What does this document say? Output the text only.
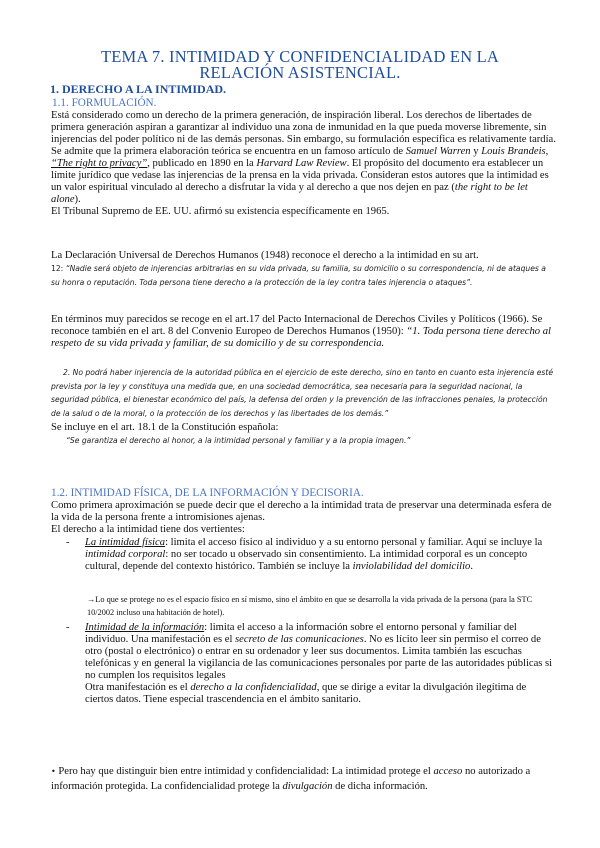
TEMA 7. INTIMIDAD Y CONFIDENCIALIDAD EN LA
RELACIÓN ASISTENCIAL.
1. DERECHO A LA INTIMIDAD.
1.1. FORMULACIÓN.

Está considerado como un derecho de la primera generación, de inspiración liberal. Los derechos de libertades de primera generación aspiran a garantizar al individuo una zona de inmunidad en la que pueda moverse libremente, sin injerencias del poder político ni de las demás personas. Sin embargo, su formulación específica es relativamente tardía.

Se admite que la primera elaboración teórica se encuentra en un famoso artículo de Samuel Warren y Louis Brandeis, “The right to privacy”, publicado en 1890 en la Harvard Law Review. El propósito del documento era establecer un límite jurídico que vedase las injerencias de la prensa en la vida privada. Consideran estos autores que la intimidad es un valor espiritual vinculado al derecho a disfrutar la vida y al derecho a que nos dejen en paz (the right to be let alone).

El Tribunal Supremo de EE. UU. afirmó su existencia específicamente en 1965.

La Declaración Universal de Derechos Humanos (1948) reconoce el derecho a la intimidad en su art.

12: “Nadie será objeto de injerencias arbitrarias en su vida privada, su familia, su domicilio o su correspondencia, ni de ataques a su honra o reputación. Toda persona tiene derecho a la protección de la ley contra tales injerencia o ataques”.

En términos muy parecidos se recoge en el art.17 del Pacto Internacional de Derechos Civiles y Políticos (1966). Se reconoce también en el art. 8 del Convenio Europeo de Derechos Humanos (1950): “1. Toda persona tiene derecho al respeto de su vida privada y familiar, de su domicilio y de su correspondencia.

2. No podrá haber injerencia de la autoridad pública en el ejercicio de este derecho, sino en tanto en cuanto esta injerencia esté prevista por la ley y constituya una medida que, en una sociedad democrática, sea necesaria para la seguridad nacional, la seguridad pública, el bienestar económico del país, la defensa del orden y la prevención de las infracciones penales, la protección de la salud o de la moral, o la protección de los derechos y las libertades de los demás.”
Se incluye en el art. 18.1 de la Constitución española:
“Se garantiza el derecho al honor, a la intimidad personal y familiar y a la propia imagen.”
1.2. INTIMIDAD FÍSICA, DE LA INFORMACIÓN Y DECISORIA.

Como primera aproximación se puede decir que el derecho a la intimidad trata de preservar una determinada esfera de la vida de la persona frente a intromisiones ajenas.

El derecho a la intimidad tiene dos vertientes:

- La intimidad física: limita el acceso físico al individuo y a su entorno personal y familiar. Aquí se incluye la intimidad corporal: no ser tocado u observado sin consentimiento. La intimidad corporal es un concepto cultural, depende del contexto histórico. También se incluye la inviolabilidad del domicilio.

→Lo que se protege no es el espacio físico en sí mismo, sino el ámbito en que se desarrolla la vida privada de la persona (para la STC 10/2002 incluso una habitación de hotel).
- Intimidad de la información: limita el acceso a la información sobre el entorno personal y familiar del individuo. Una manifestación es el secreto de las comunicaciones. No es lícito leer sin permiso el correo de otro (postal o electrónico) o entrar en su ordenador y leer sus documentos. Limita también las escuchas telefónicas y en general la vigilancia de las comunicaciones personales por parte de las autoridades públicas si no cumplen los requisitos legales

Otra manifestación es el derecho a la confidencialidad, que se dirige a evitar la divulgación ilegítima de ciertos datos. Tiene especial trascendencia en el ámbito sanitario.

• Pero hay que distinguir bien entre intimidad y confidencialidad: La intimidad protege el acceso no autorizado a información protegida. La confidencialidad protege la divulgación de dicha información.
